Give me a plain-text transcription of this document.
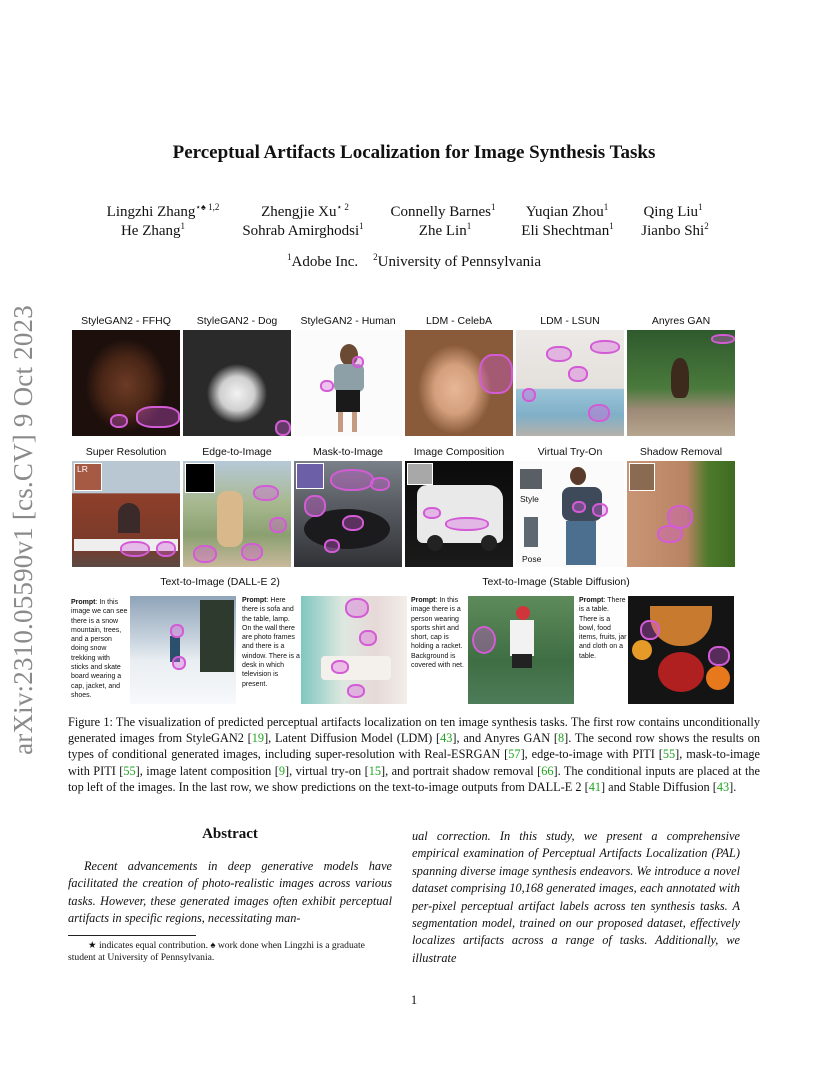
arXiv:2310.05590v1 [cs.CV] 9 Oct 2023
Perceptual Artifacts Localization for Image Synthesis Tasks
Lingzhi Zhang$^{⋆♠ 1,2}$	Zhengjie $Xu^{⋆ 2}$	Connelly Barnes$^1$	Yuqian Zhou$^1$	Qing Liu$^1$
He Zhang$^1$	Sohrab Amirghodsi$^1$	Zhe Lin$^1$	Eli Shechtman$^1$	Jianbo Shi$^2$
$^1$Adobe Inc. $^2$University of Pennsylvania
StyleGAN2 - FFHQ	StyleGAN2 - Dog	StyleGAN2 - Human	LDM - CelebA	LDM - LSUN	Anyres GAN
Super Resolution	Edge-to-Image	Mask-to-Image	Image Composition	Virtual Try-On	Shadow Removal
LR
Style
Pose
Text-to-Image (DALL-E 2)	Text-to-Image (Stable Diffusion)
Prompt: In this image we can see there is a snow mountain, trees, and a person doing snow trekking with sticks and skate board wearing a cap, jacket, and shoes.
Prompt: Here there is sofa and the table, lamp. On the wall there are photo frames and there is a window. There is a desk in which television is present.
Prompt: In this image there is a person wearing sports shirt and short, cap is holding a racket. Background is covered with net.
Prompt: There is a table. There is a bowl, food items, fruits, jar and cloth on a table.
Figure 1: The visualization of predicted perceptual artifacts localization on ten image synthesis tasks. The first row contains unconditionally generated images from StyleGAN2 [19], Latent Diffusion Model (LDM) [43], and Anyres GAN [8]. The second row shows the results on types of conditional generated images, including super-resolution with Real-ESRGAN [57], edge-to-image with PITI [55], mask-to-image with PITI [55], image latent composition [9], virtual try-on [15], and portrait shadow removal [66]. The conditional inputs are placed at the top left of the images. In the last row, we show predictions on the text-to-image outputs from DALL-E 2 [41] and Stable Diffusion [43].
Abstract
Recent advancements in deep generative models have facilitated the creation of photo-realistic images across various tasks. However, these generated images often exhibit perceptual artifacts in specific regions, necessitating man-
ual correction. In this study, we present a comprehensive empirical examination of Perceptual Artifacts Localization (PAL) spanning diverse image synthesis endeavors. We introduce a novel dataset comprising 10,168 generated images, each annotated with per-pixel perceptual artifact labels across ten synthesis tasks. A segmentation model, trained on our proposed dataset, effectively localizes artifacts across a range of tasks. Additionally, we illustrate
★ indicates equal contribution. ♠ work done when Lingzhi is a graduate student at University of Pennsylvania.
1
